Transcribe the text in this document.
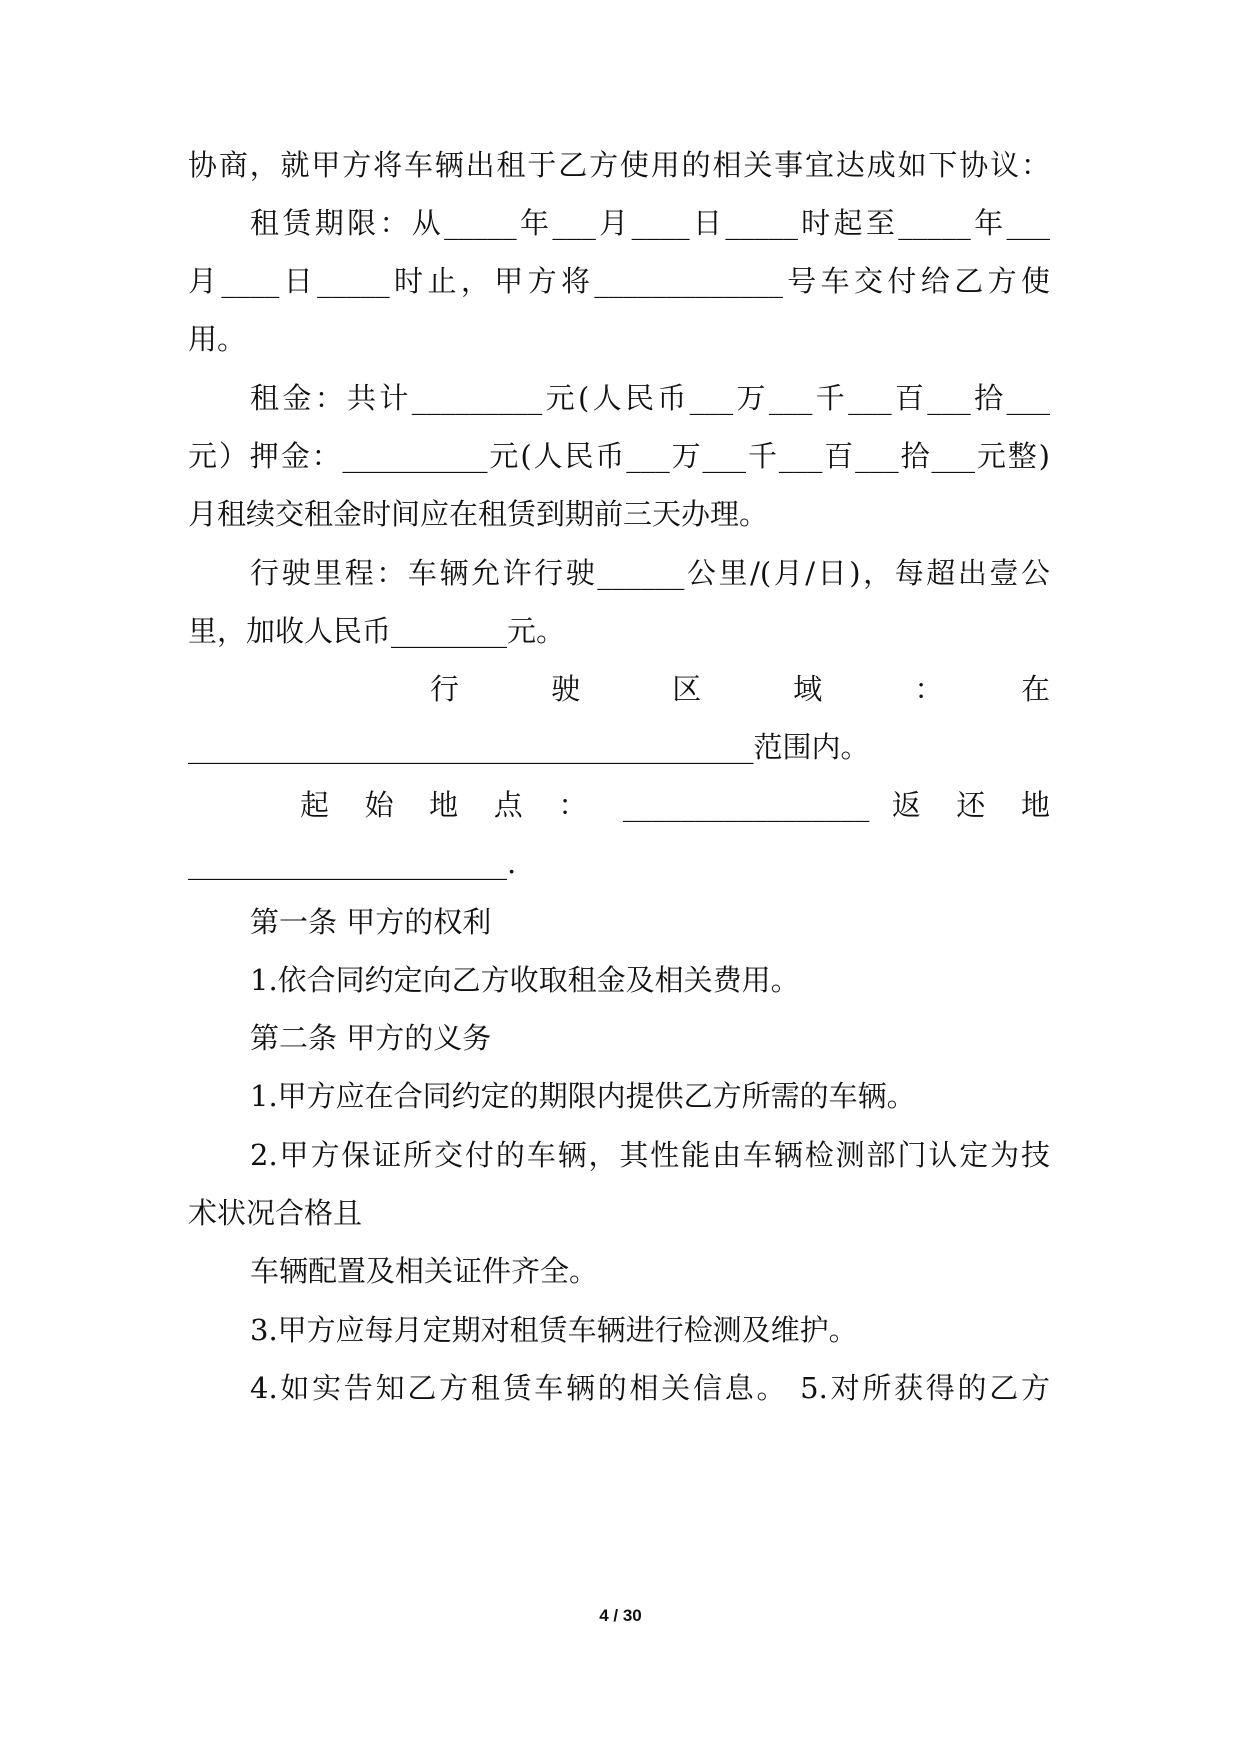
协商，就甲方将车辆出租于乙方使用的相关事宜达成如下协议：
租赁期限：从_____年___月____日_____时起至_____年___
月____日_____时止，甲方将_____________号车交付给乙方使
用。
租金：共计_________元(人民币___万___千___百___拾___
元）押金：__________元(人民币___万___千___百___拾___元整)
月租续交租金时间应在租赁到期前三天办理。
行驶里程：车辆允许行驶______公里/(月/日)，每超出壹公
里，加收人民币________元。
行　驶　区　域　：　在
_______________________________________范围内。
起 始 地 点 ： _________________ 返 还 地
______________________.
第一条 甲方的权利
1.依合同约定向乙方收取租金及相关费用。
第二条 甲方的义务
1.甲方应在合同约定的期限内提供乙方所需的车辆。
2.甲方保证所交付的车辆，其性能由车辆检测部门认定为技
术状况合格且
车辆配置及相关证件齐全。
3.甲方应每月定期对租赁车辆进行检测及维护。
4.如实告知乙方租赁车辆的相关信息。 5.对所获得的乙方
4 / 30
